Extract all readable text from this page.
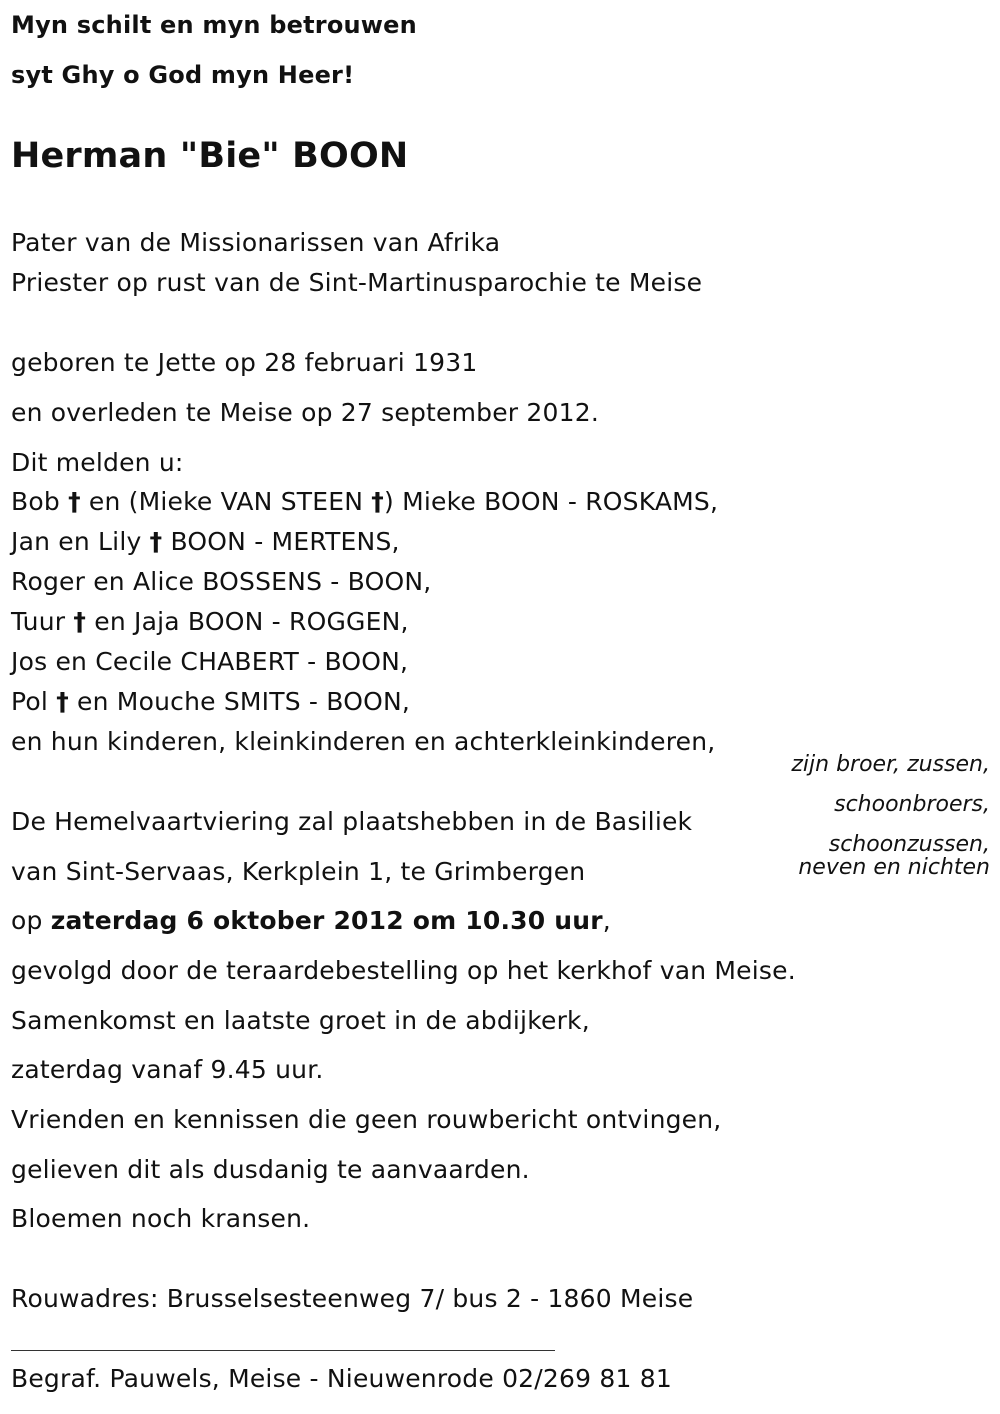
Myn schilt en myn betrouwen
syt Ghy o God myn Heer!
Herman "Bie" BOON
Pater van de Missionarissen van Afrika
Priester op rust van de Sint-Martinusparochie te Meise
geboren te Jette op 28 februari 1931
en overleden te Meise op 27 september 2012.
Dit melden u:
Bob † en (Mieke VAN STEEN †) Mieke BOON - ROSKAMS,
Jan en Lily † BOON - MERTENS,
Roger en Alice BOSSENS - BOON,
Tuur † en Jaja BOON - ROGGEN,
Jos en Cecile CHABERT - BOON,
Pol † en Mouche SMITS - BOON,
en hun kinderen, kleinkinderen en achterkleinkinderen,
zijn broer, zussen,
schoonbroers,
schoonzussen,
neven en nichten
De Hemelvaartviering zal plaatshebben in de Basiliek
van Sint-Servaas, Kerkplein 1, te Grimbergen
op zaterdag 6 oktober 2012 om 10.30 uur,
gevolgd door de teraardebestelling op het kerkhof van Meise.
Samenkomst en laatste groet in de abdijkerk,
zaterdag vanaf 9.45 uur.
Vrienden en kennissen die geen rouwbericht ontvingen,
gelieven dit als dusdanig te aanvaarden.
Bloemen noch kransen.
Rouwadres: Brusselsesteenweg 7/ bus 2 - 1860 Meise
Begraf. Pauwels, Meise - Nieuwenrode 02/269 81 81
